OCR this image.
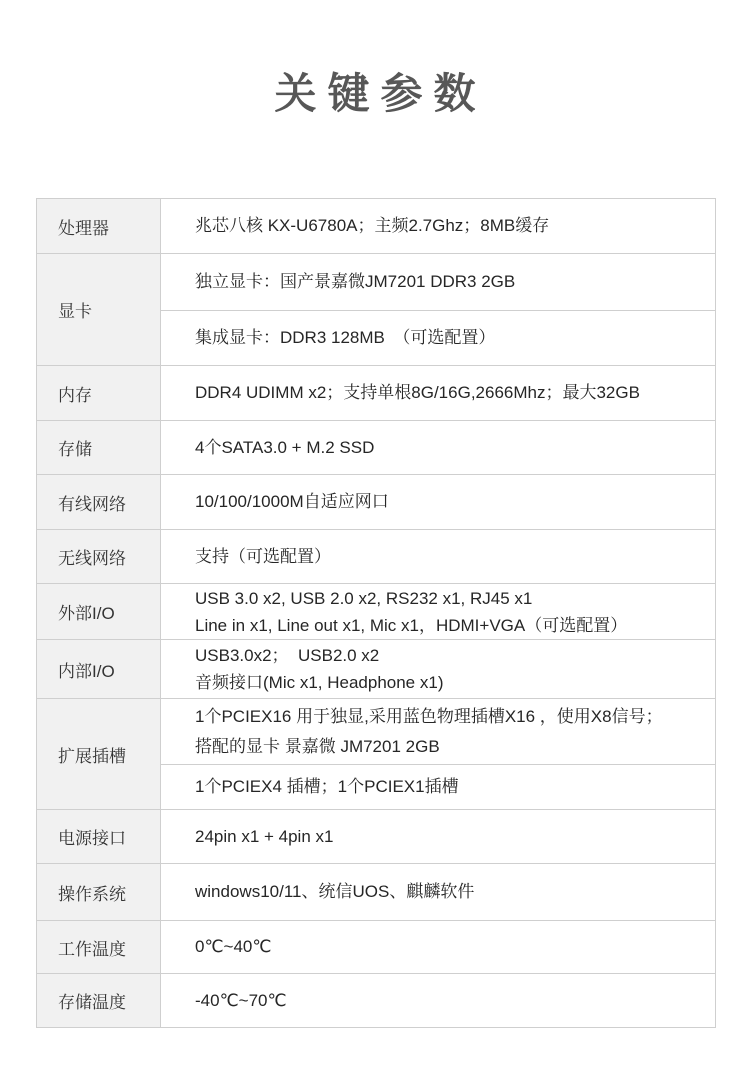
关键参数
处理器	兆芯八核 KX-U6780A；主频2.7Ghz；8MB缓存

显卡	独立显卡：国产景嘉微JM7201 DDR3 2GB

	集成显卡：DDR3 128MB　（可选配置）

内存	DDR4 UDIMM x2；支持单根8G/16G,2666Mhz；最大32GB

存储	4个SATA3.0 + M.2 SSD

有线网络	10/100/1000M自适应网口

无线网络	支持（可选配置）

外部I/O	USB 3.0 x2, USB 2.0 x2, RS232 x1, RJ45 x1
Line in x1, Line out x1, Mic x1，HDMI+VGA（可选配置）

内部I/O	USB3.0x2；  USB2.0 x2
音频接口(Mic x1, Headphone x1)

扩展插槽	1个PCIEX16 用于独显,采用蓝色物理插槽X16 ，使用X8信号；
搭配的显卡 景嘉微 JM7201 2GB

	1个PCIEX4 插槽；1个PCIEX1插槽

电源接口	24pin x1 + 4pin x1

操作系统	windows10/11、统信UOS、麒麟软件

工作温度	0℃~40℃

存储温度	-40℃~70℃
